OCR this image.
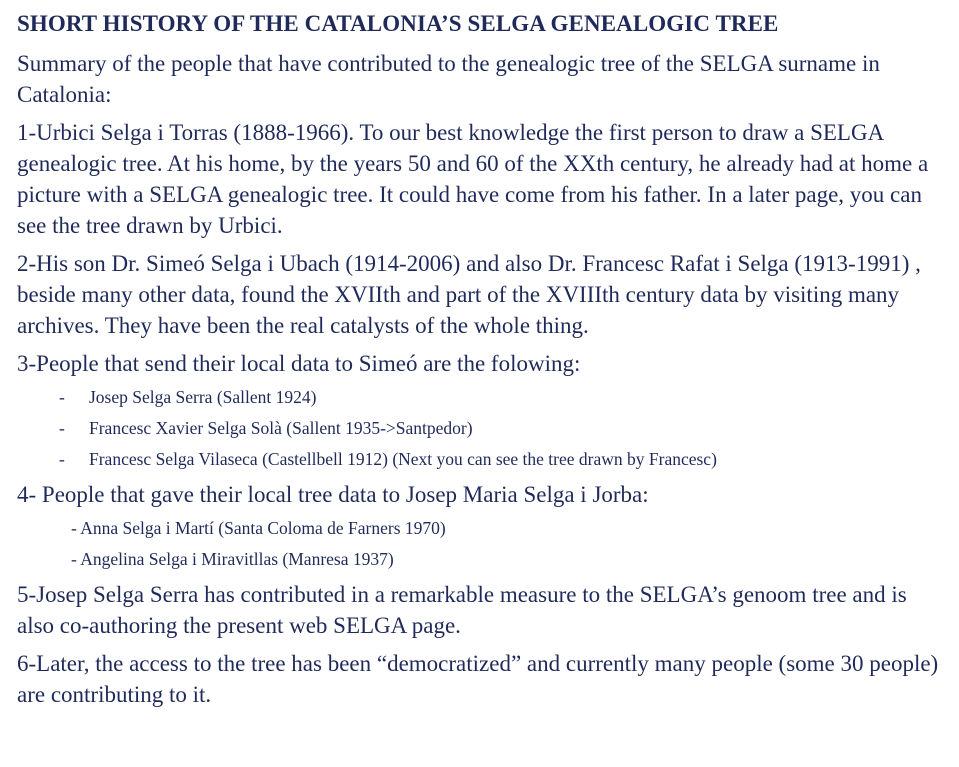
SHORT HISTORY OF THE CATALONIA’S SELGA GENEALOGIC TREE

Summary of the people that have contributed to the genealogic tree of the SELGA surname in Catalonia:

1-Urbici Selga i Torras (1888-1966). To our best knowledge the first person to draw a SELGA genealogic tree. At his home, by the years 50 and 60 of the XXth century, he already had at home a picture with a SELGA genealogic tree. It could have come from his father. In a later page, you can see the tree drawn by Urbici.

2-His son Dr. Simeó Selga i Ubach (1914-2006) and also Dr. Francesc Rafat i Selga (1913-1991) , beside many other data, found the XVIIth and part of the XVIIIth century data by visiting many archives. They have been the real catalysts of the whole thing.

3-People that send their local data to Simeó are the folowing:

- Josep Selga Serra (Sallent 1924)
- Francesc Xavier Selga Solà (Sallent 1935->Santpedor)
- Francesc Selga Vilaseca (Castellbell 1912) (Next you can see the tree drawn by Francesc)

4- People that gave their local tree data to Josep Maria Selga i Jorba:

- Anna Selga i Martí (Santa Coloma de Farners 1970)
- Angelina Selga i Miravitllas (Manresa 1937)

5-Josep Selga Serra has contributed in a remarkable measure to the SELGA’s genoom tree and is also co-authoring the present web SELGA page.

6-Later, the access to the tree has been “democratized” and currently many people (some 30 people) are contributing to it.
